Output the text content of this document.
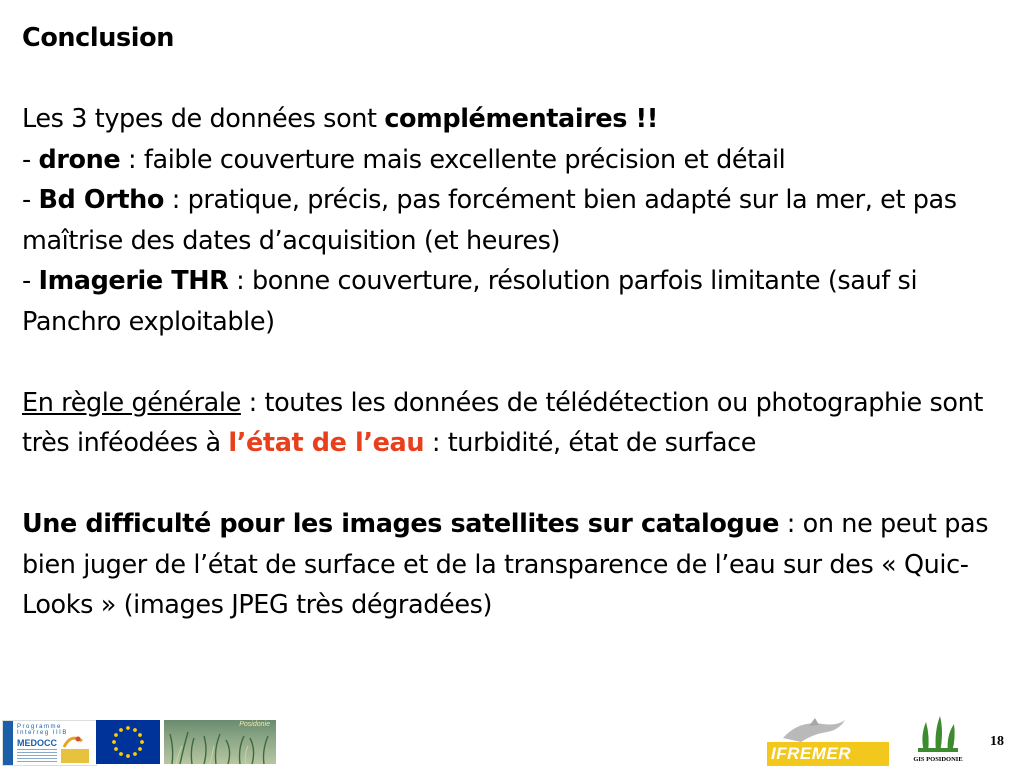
Conclusion

Les 3 types de données sont complémentaires !!

- drone : faible couverture mais excellente précision et détail

- Bd Ortho : pratique, précis, pas forcément bien adapté sur la mer, et pas maîtrise des dates d’acquisition (et heures)

- Imagerie THR : bonne couverture, résolution parfois limitante (sauf si Panchro exploitable)

En règle générale : toutes les données de télédétection ou photographie sont très inféodées à l’état de l’eau : turbidité, état de surface

Une difficulté pour les images satellites sur catalogue : on ne peut pas bien juger de l’état de surface et de la transparence de l’eau sur des « Quic-Looks » (images JPEG très dégradées)

Programme
Interreg IIIB
MEDOCC
Posidonie
IFREMER	GIS POSIDONIE
18
